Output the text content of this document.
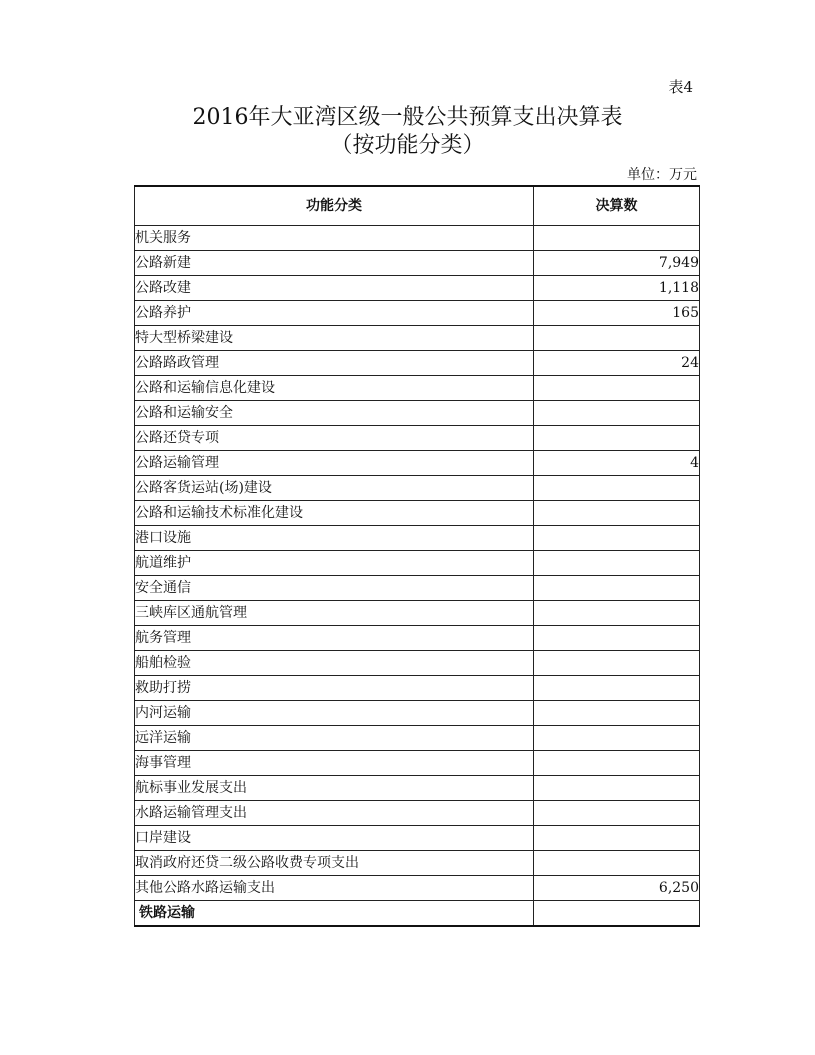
表4
2016年大亚湾区级一般公共预算支出决算表
（按功能分类）
单位：万元
功能分类	决算数
机关服务	
公路新建	7,949
公路改建	1,118
公路养护	165
特大型桥梁建设	
公路路政管理	24
公路和运输信息化建设	
公路和运输安全	
公路还贷专项	
公路运输管理	4
公路客货运站(场)建设	
公路和运输技术标准化建设	
港口设施	
航道维护	
安全通信	
三峡库区通航管理	
航务管理	
船舶检验	
救助打捞	
内河运输	
远洋运输	
海事管理	
航标事业发展支出	
水路运输管理支出	
口岸建设	
取消政府还贷二级公路收费专项支出	
其他公路水路运输支出	6,250
铁路运输	
